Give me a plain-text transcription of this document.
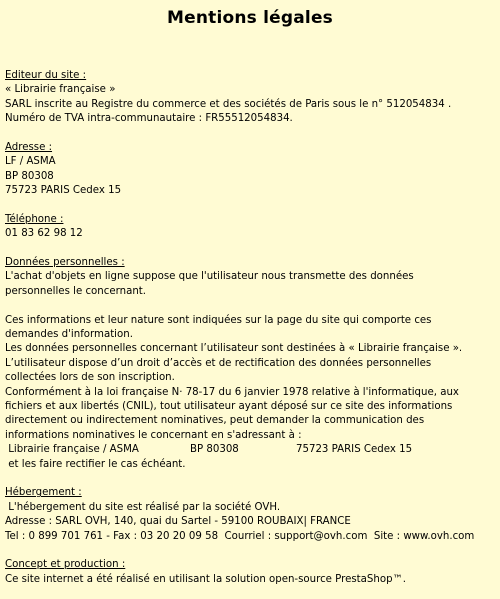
Mentions légales
Editeur du site :
« Librairie française »
SARL inscrite au Registre du commerce et des sociétés de Paris sous le n° 512054834 .
Numéro de TVA intra-communautaire : FR55512054834.
Adresse :
LF / ASMA
BP 80308
75723 PARIS Cedex 15
Téléphone :
01 83 62 98 12
Données personnelles :
L'achat d'objets en ligne suppose que l'utilisateur nous transmette des données
personnelles le concernant.
Ces informations et leur nature sont indiquées sur la page du site qui comporte ces
demandes d'information.
Les données personnelles concernant l’utilisateur sont destinées à « Librairie française ».
L’utilisateur dispose d’un droit d’accès et de rectification des données personnelles
collectées lors de son inscription.
Conformément à la loi française N· 78-17 du 6 janvier 1978 relative à l'informatique, aux
fichiers et aux libertés (CNIL), tout utilisateur ayant déposé sur ce site des informations
directement ou indirectement nominatives, peut demander la communication des
informations nominatives le concernant en s'adressant à :
Librairie française / ASMA	BP 80308	75723 PARIS Cedex 15
et les faire rectifier le cas échéant.
Hébergement :
L'hébergement du site est réalisé par la société OVH.
Adresse : SARL OVH, 140, quai du Sartel - 59100 ROUBAIX| FRANCE
Tel : 0 899 701 761 - Fax : 03 20 20 09 58  Courriel : support@ovh.com  Site : www.ovh.com
Concept et production :
Ce site internet a été réalisé en utilisant la solution open-source PrestaShop™.
